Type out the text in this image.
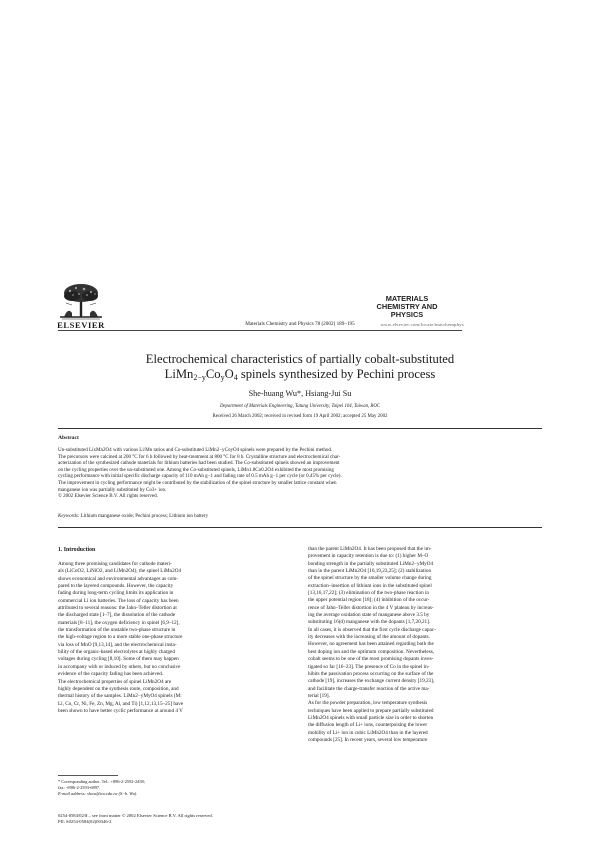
ELSEVIER	Materials Chemistry and Physics 78 (2002) 189–195
MATERIALS
CHEMISTRY AND
PHYSICS
www.elsevier.com/locate/matchemphys
Electrochemical characteristics of partially cobalt-substituted
$LiMn_{2-y}Co_yO_4$ spinels synthesized by Pechini process
She-huang Wu*, Hsiang-Jui Su
Department of Materials Engineering, Tatung University, Taipei 104, Taiwan, ROC
Received 26 March 2002; received in revised form 19 April 2002; accepted 25 May 2002
Abstract
Un-substituted LixMn2O4 with various Li/Mn ratios and Co-substituted LiMn2−yCoyO4 spinels were prepared by the Pechini method.
The precursors were calcined at 200 °C for 6 h followed by heat-treatment at 800 °C for 8 h. Crystalline structure and electrochemical char-
acterization of the synthesized cathode materials for lithium batteries had been studied. The Co-substituted spinels showed an improvement
on the cycling properties over the un-substituted one. Among the Co-substituted spinels, LiMn1.8Co0.2O4 exhibited the most promising
cycling performance with initial specific discharge capacity of 110 mAh g−1 and fading rate of 0.5 mAh g−1 per cycle (or 0.45% per cycle).
The improvement in cycling performance might be contributed by the stabilization of the spinel structure by smaller lattice constant when
manganese ion was partially substituted by Co3+ ion.
© 2002 Elsevier Science B.V. All rights reserved.
Keywords: Lithium manganese oxide; Pechini process; Lithium ion battery
1. Introduction
Among three promising candidates for cathode materi-
als (LiCoO2, LiNiO2, and LiMn2O4), the spinel LiMn2O4
shows economical and environmental advantages as com-
pared to the layered compounds. However, the capacity
fading during long-term cycling limits its application in
commercial Li ion batteries. The loss of capacity has been
attributed to several reasons: the Jahn–Teller distortion at
the discharged state [1–7], the dissolution of the cathode
materials [8–11], the oxygen deficiency in spinel [6,9–12],
the transformation of the unstable two-phase structure in
the high-voltage region to a more stable one-phase structure
via loss of MnO [9,13,14], and the electrochemical insta-
bility of the organic-based electrolytes at highly charged
voltages during cycling [8,10]. Some of them may happen
in accompany with or induced by others, but no conclusive
evidence of the capacity fading has been achieved.
The electrochemical properties of spinel LiMn2O4 are
highly dependent on the synthesis route, composition, and
thermal history of the samples. LiMn2−yMyO4 spinels (M:
Li, Co, Cr, Ni, Fe, Zn, Mg, Al, and Ti) [1,12,13,15–25] have
been shown to have better cyclic performance at around 4 V
than the parent LiMn2O4. It has been proposed that the im-
provement in capacity retention is due to: (1) higher M–O
bonding strength in the partially substituted LiMn2−yMyO4
than in the parent LiMn2O4 [16,19,23,25]; (2) stabilization
of the spinel structure by the smaller volume change during
extraction–insertion of lithium ions in the substituted spinel
[13,16,17,22]; (3) elimination of the two-phase reaction in
the upper potential region [18]; (4) inhibition of the occur-
rence of Jahn–Teller distortion in the 4 V plateau by increas-
ing the average oxidation state of manganese above 3.5 by
substituting 16(d) manganese with the dopants [1,7,20,21].
In all cases, it is observed that the first cycle discharge capac-
ity decreases with the increasing of the amount of dopants.
However, no agreement has been attained regarding both the
best doping ion and the optimum composition. Nevertheless,
cobalt seems to be one of the most promising dopants inves-
tigated so far [16–23]. The presence of Co in the spinel in-
hibits the passivation process occurring on the surface of the
cathode [19], increases the exchange current density [19,23],
and facilitate the charge-transfer reaction of the active ma-
terial [19].
As for the powder preparation, low temperature synthesis
techniques have been applied to prepare partially substituted
LiMn2O4 spinels with small particle size in order to shorten
the diffusion length of Li+ ions, counterpoising the lower
mobility of Li+ ion in cubic LiMn2O4 than in the layered
compounds [25]. In recent years, several low temperature
* Corresponding author. Tel.: +886-2-2592-2458;
fax: +886-2-2593-6897.
E-mail address: shwu@ttu.edu.tw (S.-h. Wu).
0254-0584/02/$ – see front matter © 2002 Elsevier Science B.V. All rights reserved.
PII: S0254-0584(02)00346-2
